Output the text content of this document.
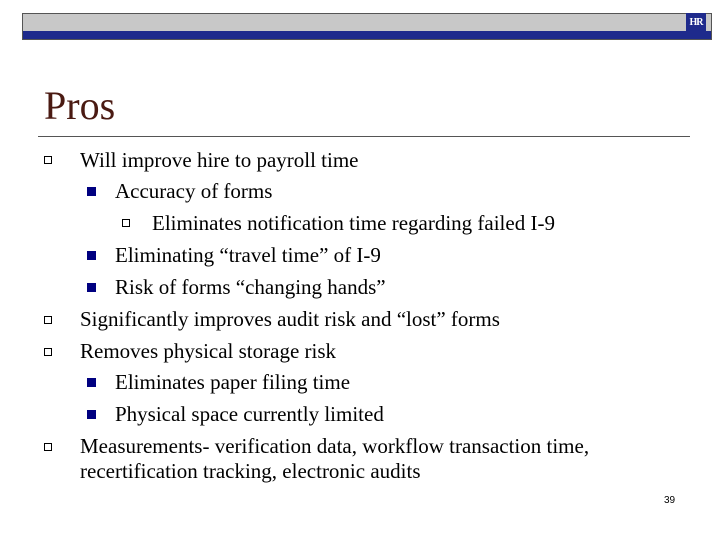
HR
Pros
Will improve hire to payroll time
Accuracy of forms
Eliminates notification time regarding failed I-9
Eliminating “travel time” of I-9
Risk of forms “changing hands”
Significantly improves audit risk and “lost” forms
Removes physical storage risk
Eliminates paper filing time
Physical space currently limited
Measurements- verification data, workflow transaction time,
recertification tracking, electronic audits
39
